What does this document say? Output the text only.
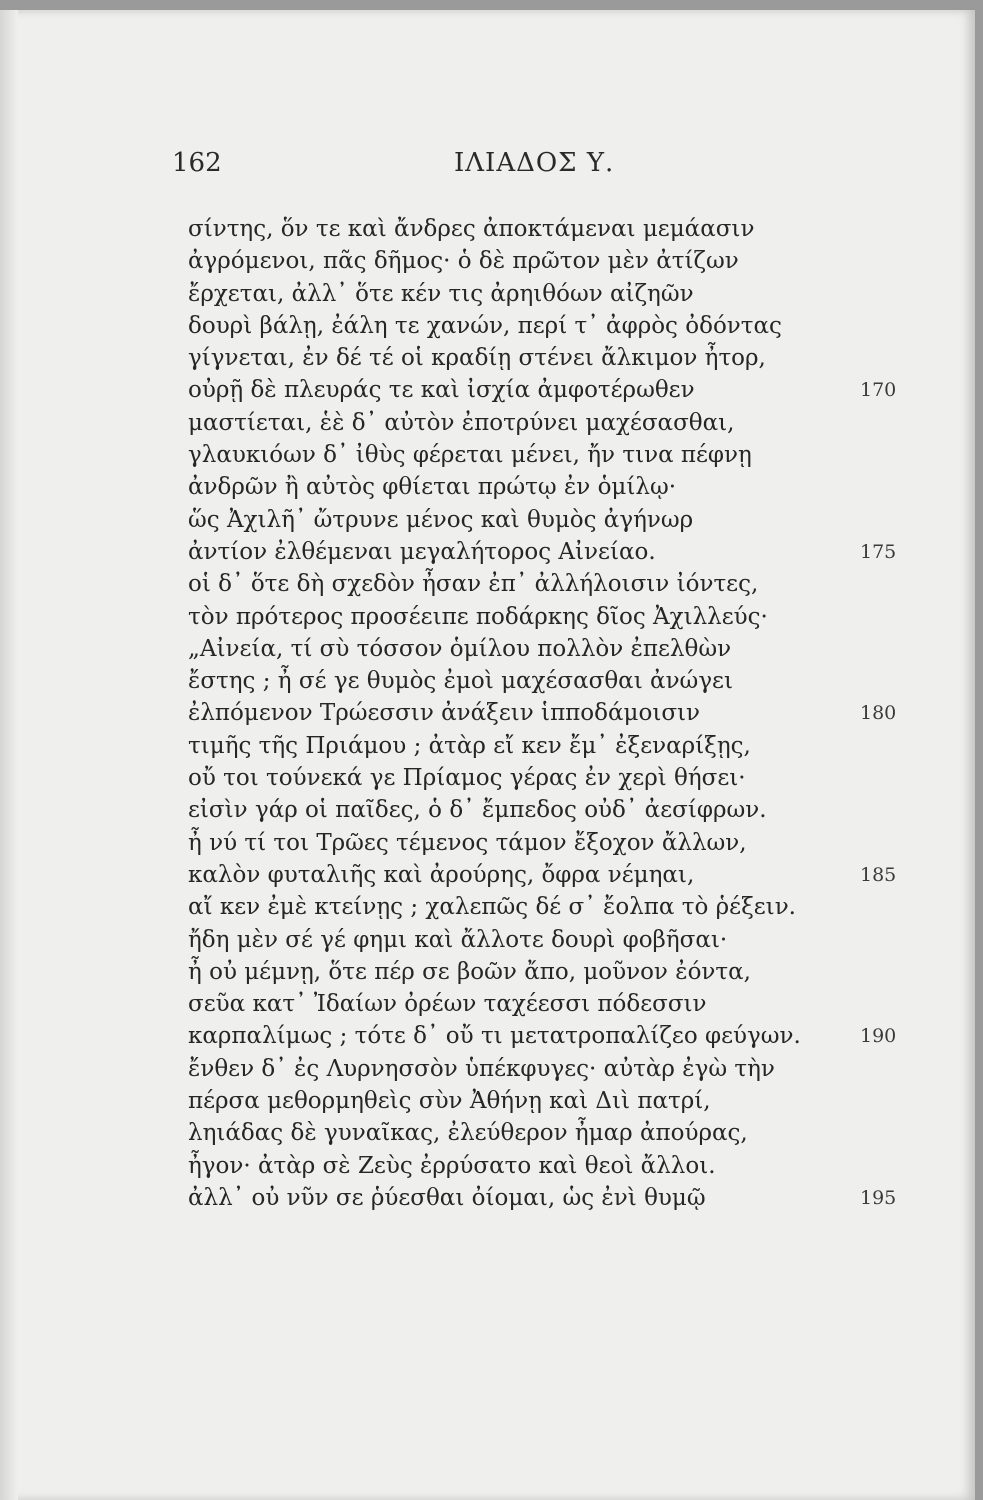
162	ΙΛΙΑΔΟΣ Υ.
σίντης, ὅν τε καὶ ἄνδρες ἀποκτάμεναι μεμάασιν
ἀγρόμενοι, πᾶς δῆμος· ὁ δὲ πρῶτον μὲν ἀτίζων
ἔρχεται, ἀλλ᾽ ὅτε κέν τις ἀρηιθόων αἰζηῶν
δουρὶ βάλῃ, ἐάλη τε χανών, περί τ᾽ ἀφρὸς ὀδόντας
γίγνεται, ἐν δέ τέ οἱ κραδίῃ στένει ἄλκιμον ἦτορ,
οὐρῇ δὲ πλευράς τε καὶ ἰσχία ἀμφοτέρωθεν	170
μαστίεται, ἑὲ δ᾽ αὐτὸν ἐποτρύνει μαχέσασθαι,
γλαυκιόων δ᾽ ἰθὺς φέρεται μένει, ἤν τινα πέφνῃ
ἀνδρῶν ἢ αὐτὸς φθίεται πρώτῳ ἐν ὁμίλῳ·
ὥς Ἀχιλῆ᾽ ὤτρυνε μένος καὶ θυμὸς ἀγήνωρ
ἀντίον ἐλθέμεναι μεγαλήτορος Αἰνείαο.	175
οἱ δ᾽ ὅτε δὴ σχεδὸν ἦσαν ἐπ᾽ ἀλλήλοισιν ἰόντες,
τὸν πρότερος προσέειπε ποδάρκης δῖος Ἀχιλλεύς·
„Αἰνεία, τί σὺ τόσσον ὁμίλου πολλὸν ἐπελθὼν
ἔστης ; ἦ σέ γε θυμὸς ἐμοὶ μαχέσασθαι ἀνώγει
ἐλπόμενον Τρώεσσιν ἀνάξειν ἱπποδάμοισιν	180
τιμῆς τῆς Πριάμου ; ἀτὰρ εἴ κεν ἔμ᾽ ἐξεναρίξῃς,
οὔ τοι τούνεκά γε Πρίαμος γέρας ἐν χερὶ θήσει·
εἰσὶν γάρ οἱ παῖδες, ὁ δ᾽ ἔμπεδος οὐδ᾽ ἀεσίφρων.
ἦ νύ τί τοι Τρῶες τέμενος τάμον ἔξοχον ἄλλων,
καλὸν φυταλιῆς καὶ ἀρούρης, ὄφρα νέμηαι,	185
αἴ κεν ἐμὲ κτείνῃς ; χαλεπῶς δέ σ᾽ ἔολπα τὸ ῥέξειν.
ἤδη μὲν σέ γέ φημι καὶ ἄλλοτε δουρὶ φοβῆσαι·
ἦ οὐ μέμνῃ, ὅτε πέρ σε βοῶν ἄπο, μοῦνον ἐόντα,
σεῦα κατ᾽ Ἰδαίων ὀρέων ταχέεσσι πόδεσσιν
καρπαλίμως ; τότε δ᾽ οὔ τι μετατροπαλίζεο φεύγων.	190
ἔνθεν δ᾽ ἐς Λυρνησσὸν ὑπέκφυγες· αὐτὰρ ἐγὼ τὴν
πέρσα μεθορμηθεὶς σὺν Ἀθήνῃ καὶ Διὶ πατρί,
ληιάδας δὲ γυναῖκας, ἐλεύθερον ἦμαρ ἀπούρας,
ἦγον· ἀτὰρ σὲ Ζεὺς ἐρρύσατο καὶ θεοὶ ἄλλοι.
ἀλλ᾽ οὐ νῦν σε ῥύεσθαι ὀίομαι, ὡς ἐνὶ θυμῷ	195
